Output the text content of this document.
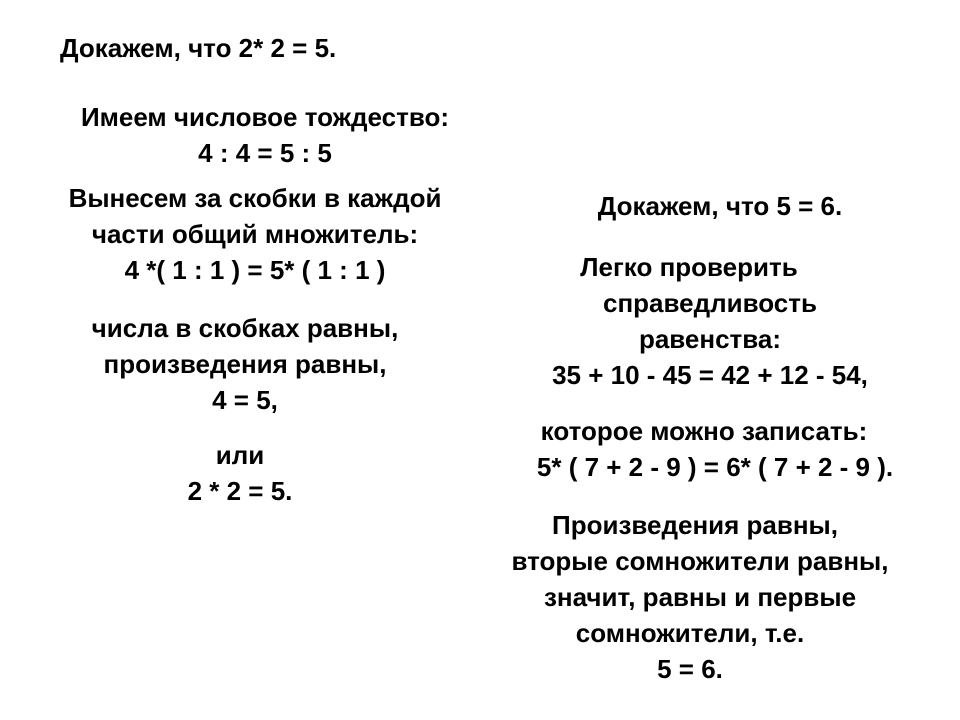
Докажем, что 2* 2 = 5.
Имеем числовое тождество:
4 : 4 = 5 : 5
Вынесем за скобки в каждой
части общий множитель:
4 *( 1 : 1 ) = 5* ( 1 : 1 )
числа в скобках равны,
произведения равны,
4 = 5,
или
2 * 2 = 5.
Докажем, что 5 = 6.
Легко проверить
справедливость
равенства:
35 + 10 - 45 = 42 + 12 - 54,
которое можно записать:
5* ( 7 + 2 - 9 ) = 6* ( 7 + 2 - 9 ).
Произведения равны,
вторые сомножители равны,
значит, равны и первые
сомножители, т.е.
5 = 6.
